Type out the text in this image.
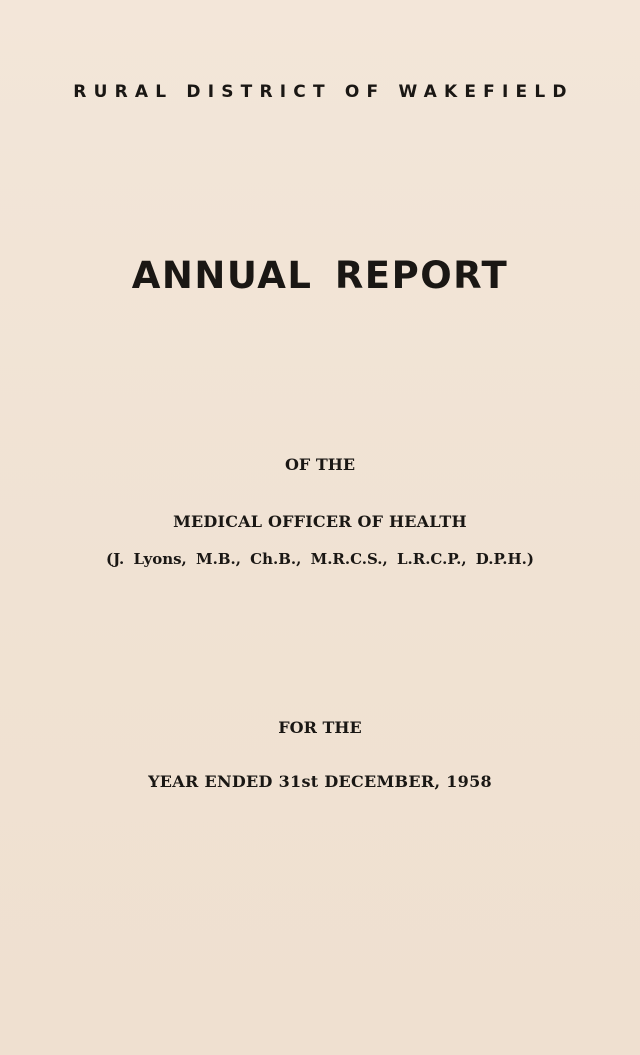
RURAL DISTRICT OF WAKEFIELD
ANNUAL REPORT
OF THE
MEDICAL OFFICER OF HEALTH
(J. Lyons, M.B., Ch.B., M.R.C.S., L.R.C.P., D.P.H.)
FOR THE
YEAR ENDED 31st DECEMBER, 1958
